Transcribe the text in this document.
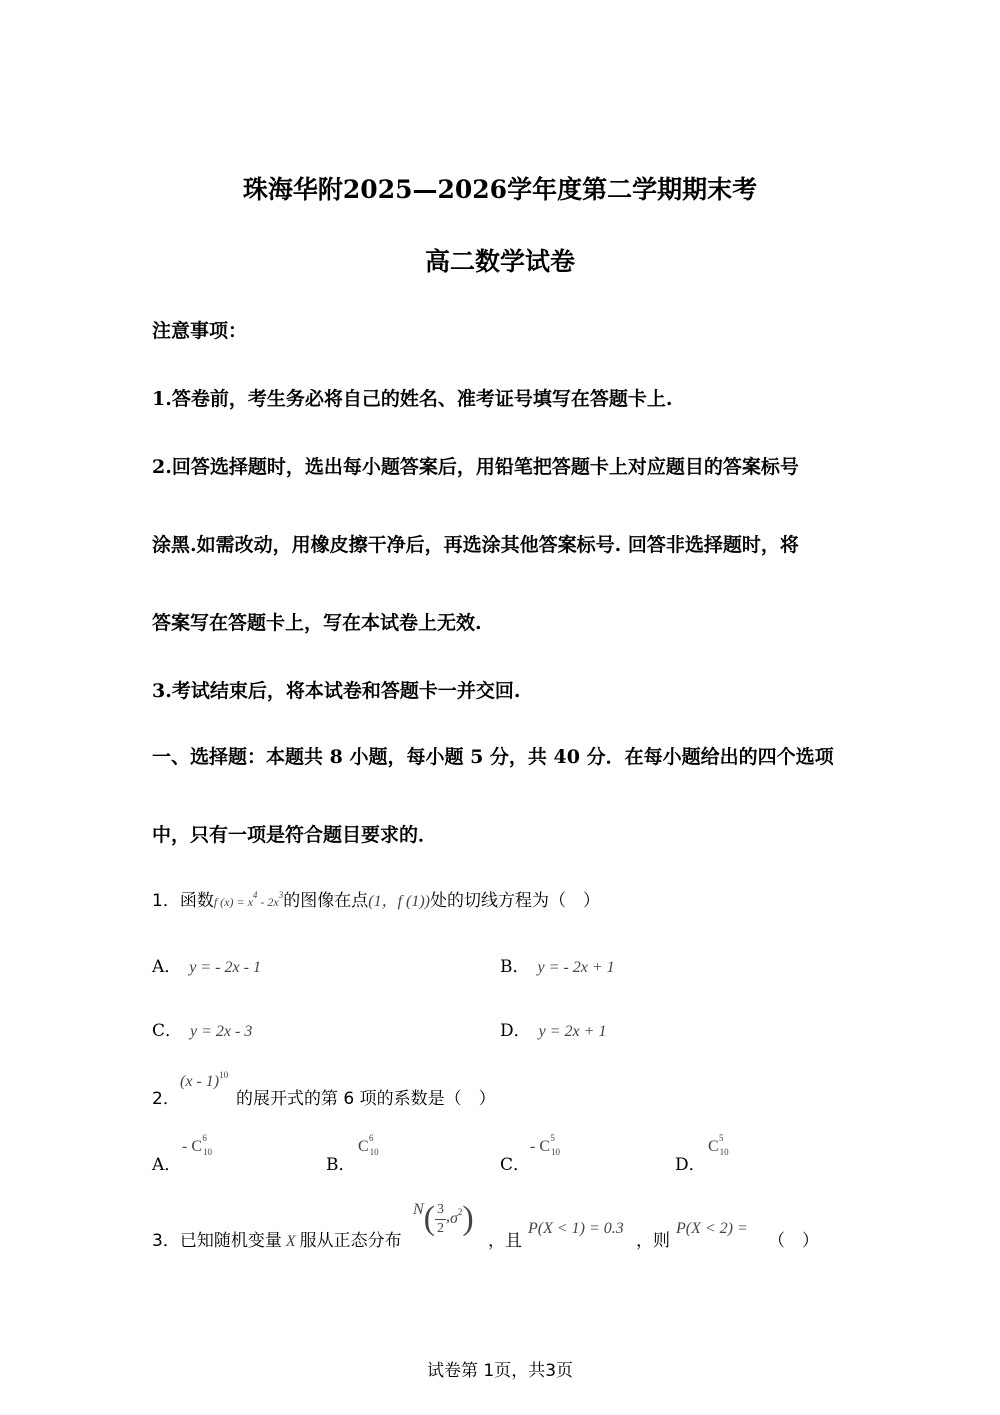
珠海华附2025—2026学年度第二学期期末考
高二数学试卷
注意事项：
1.答卷前，考生务必将自己的姓名、准考证号填写在答题卡上.
2.回答选择题时，选出每小题答案后，用铅笔把答题卡上对应题目的答案标号
涂黑.如需改动，用橡皮擦干净后，再选涂其他答案标号. 回答非选择题时，将
答案写在答题卡上，写在本试卷上无效.
3.考试结束后，将本试卷和答题卡一并交回.
一、选择题：本题共 8 小题，每小题 5 分，共 40 分．在每小题给出的四个选项
中，只有一项是符合题目要求的．
1．函数f $(x) = x^4 - 2x^3$的图像在点(1，f (1))处的切线方程为（　）
A． y = - 2x - 1	B． y = - 2x + 1
C． y = 2x - 3	D． y = 2x + 1
2．
(x - 1)$^{10}$
的展开式的第 6 项的系数是（　）
A．
- C 6
$_{10}$
B．
C 6
$_{10}$
C．
- C 5
$_{10}$
D．
C 5
$_{10}$
3．已知随机变量 X 服从正态分布
N ( $\frac{3}{2}$ , σ 2 )
，且
P(X < 1) = 0.3
，则
P(X < 2) =
（　）
试卷第 1页，共3页
